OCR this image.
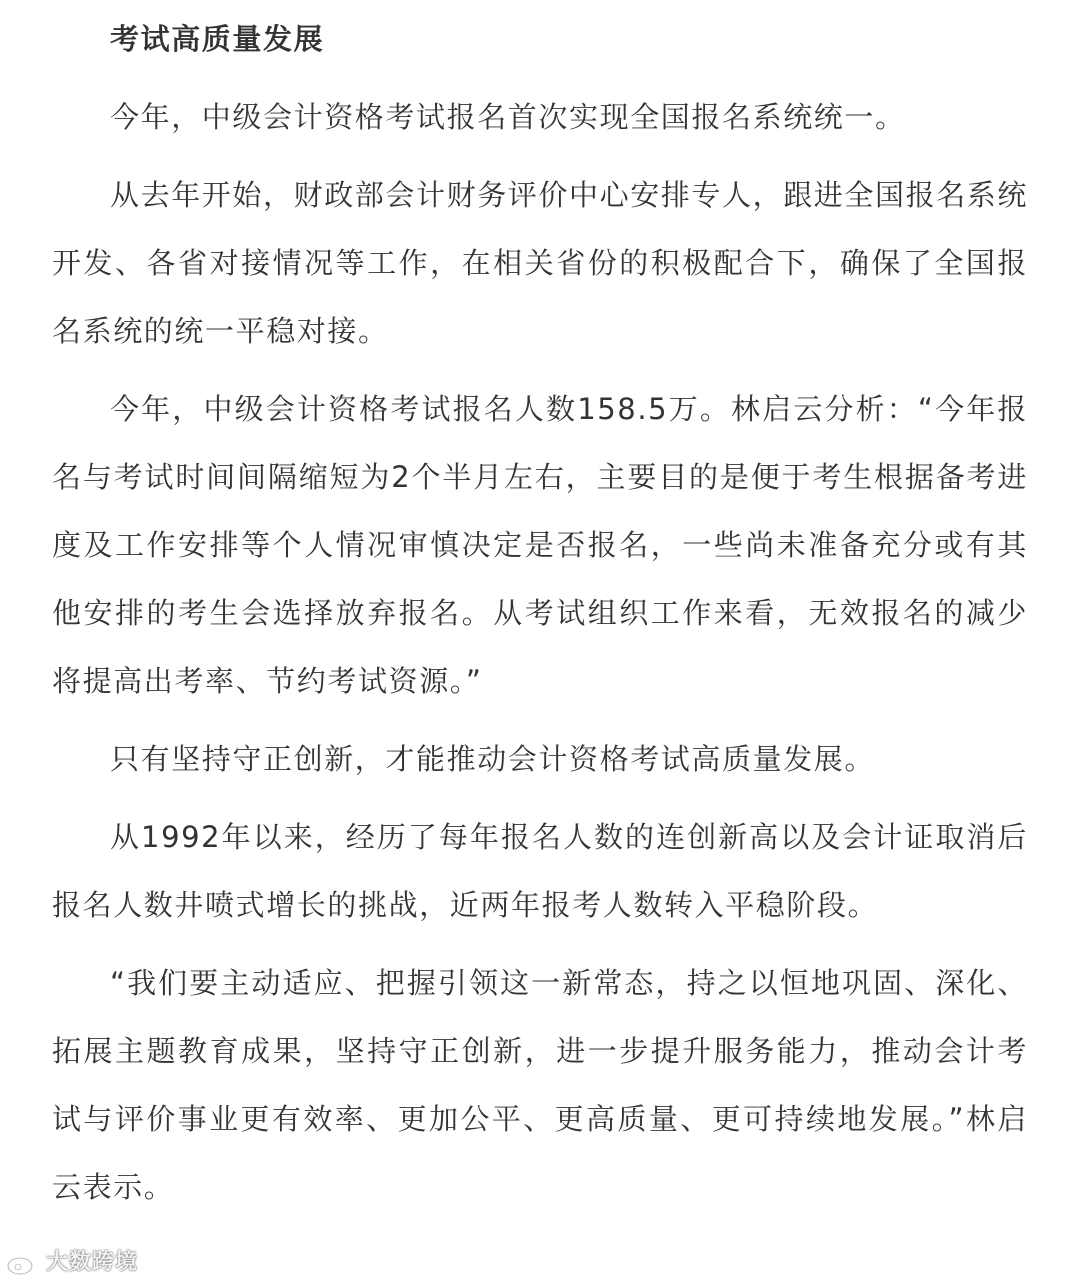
考试高质量发展

今年，中级会计资格考试报名首次实现全国报名系统统一。

从去年开始，财政部会计财务评价中心安排专人，跟进全国报名系统开发、各省对接情况等工作，在相关省份的积极配合下，确保了全国报名系统的统一平稳对接。

今年，中级会计资格考试报名人数158.5万。林启云分析：“今年报名与考试时间间隔缩短为2个半月左右，主要目的是便于考生根据备考进度及工作安排等个人情况审慎决定是否报名，一些尚未准备充分或有其他安排的考生会选择放弃报名。从考试组织工作来看，无效报名的减少将提高出考率、节约考试资源。”

只有坚持守正创新，才能推动会计资格考试高质量发展。

从1992年以来，经历了每年报名人数的连创新高以及会计证取消后报名人数井喷式增长的挑战，近两年报考人数转入平稳阶段。

“我们要主动适应、把握引领这一新常态，持之以恒地巩固、深化、拓展主题教育成果，坚持守正创新，进一步提升服务能力，推动会计考试与评价事业更有效率、更加公平、更高质量、更可持续地发展。”林启云表示。

大数跨境
